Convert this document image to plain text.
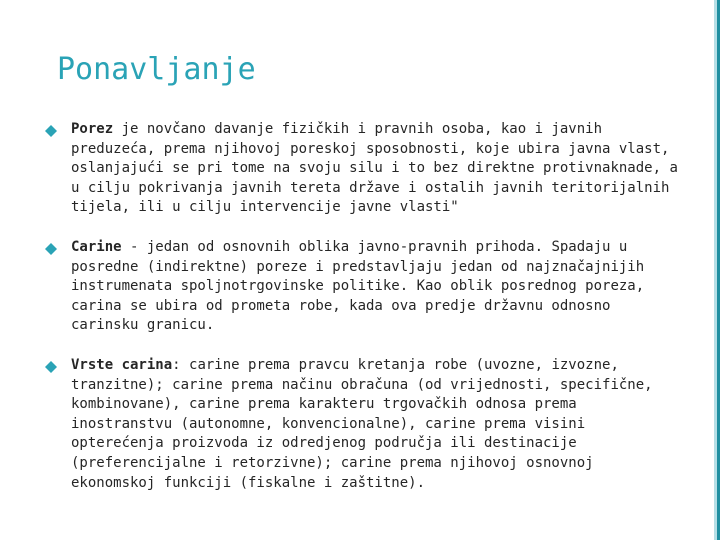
Ponavljanje
Porez je novčano davanje fizičkih i pravnih osoba, kao i javnih preduzeća, prema njihovoj poreskoj sposobnosti, koje ubira javna vlast, oslanjajući se pri tome na svoju silu i to bez direktne protivnaknade, a u cilju pokrivanja javnih tereta države i ostalih javnih teritorijalnih tijela, ili u cilju intervencije javne vlasti"
Carine - jedan od osnovnih oblika javno-pravnih prihoda. Spadaju u posredne (indirektne) poreze i predstavljaju jedan od najznačajnijih instrumenata spoljnotrgovinske politike. Kao oblik posrednog poreza, carina se ubira od prometa robe, kada ova predje državnu odnosno carinsku granicu.
Vrste carina: carine prema pravcu kretanja robe (uvozne, izvozne, tranzitne); carine prema načinu obračuna (od vrijednosti, specifične, kombinovane), carine prema karakteru trgovačkih odnosa prema inostranstvu (autonomne, konvencionalne), carine prema visini opterećenja proizvoda iz odredjenog područja ili destinacije (preferencijalne i retorzivne); carine prema njihovoj osnovnoj ekonomskoj funkciji (fiskalne i zaštitne).
